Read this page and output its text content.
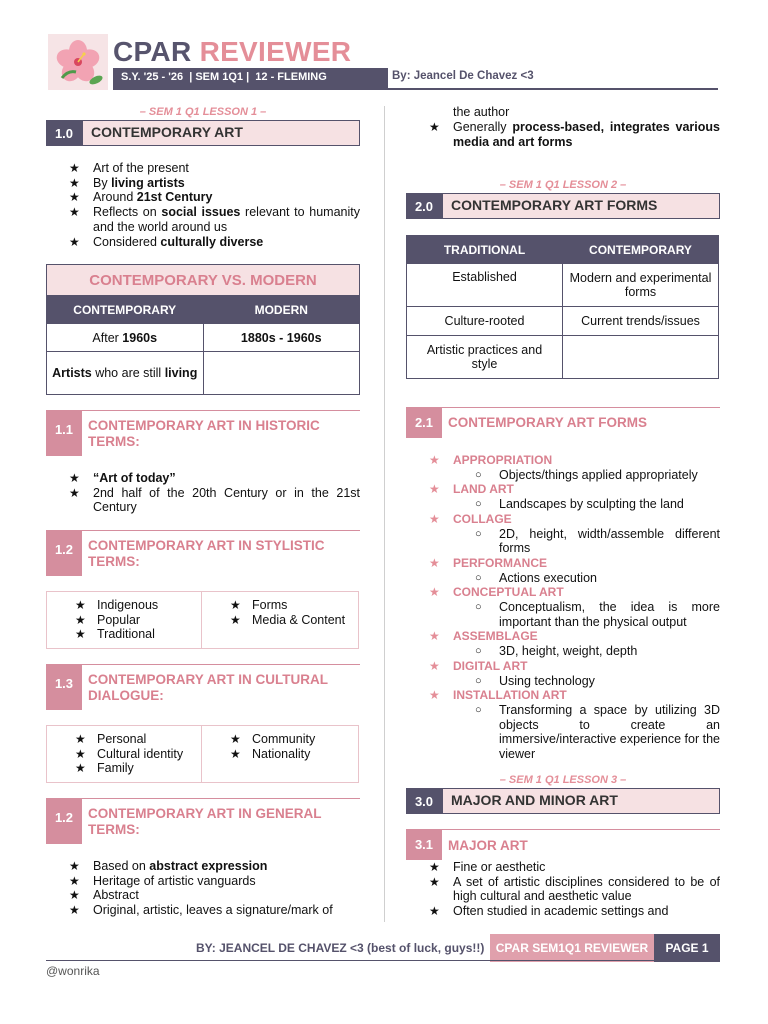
CPAR REVIEWER
S.Y. '25 - '26  | SEM 1Q1 |  12 - FLEMING	By: Jeancel De Chavez <3
– SEM 1 Q1 LESSON 1 –
1.0	CONTEMPORARY ART
★ Art of the present
★ By living artists
★ Around 21st Century
★ Reflects on social issues relevant to humanity and the world around us
★ Considered culturally diverse
CONTEMPORARY VS. MODERN	
CONTEMPORARY	MODERN
After 1960s	1880s - 1960s
Artists who are still living	
1.1	CONTEMPORARY ART IN HISTORIC TERMS:
★ “Art of today”
★ 2nd half of the 20th Century or in the 21st Century
1.2	CONTEMPORARY ART IN STYLISTIC TERMS:
★ Indigenous
★ Popular
★ Traditional

★ Forms
★ Media & Content
1.3	CONTEMPORARY ART IN CULTURAL DIALOGUE:
★ Personal
★ Cultural identity
★ Family

★ Community
★ Nationality
1.2	CONTEMPORARY ART IN GENERAL TERMS:
★ Based on abstract expression
★ Heritage of artistic vanguards
★ Abstract
★ Original, artistic, leaves a signature/mark of
the author
★ Generally process-based, integrates various media and art forms
– SEM 1 Q1 LESSON 2 –
2.0	CONTEMPORARY ART FORMS
TRADITIONAL	CONTEMPORARY
Established	Modern and experimental forms
Culture-rooted	Current trends/issues
Artistic practices and style	
2.1	CONTEMPORARY ART FORMS
★ APPROPRIATION
○ Objects/things applied appropriately
★ LAND ART
○ Landscapes by sculpting the land
★ COLLAGE
○ 2D, height, width/assemble different forms
★ PERFORMANCE
○ Actions execution
★ CONCEPTUAL ART
○ Conceptualism, the idea is more important than the physical output
★ ASSEMBLAGE
○ 3D, height, weight, depth
★ DIGITAL ART
○ Using technology
★ INSTALLATION ART
○ Transforming a space by utilizing 3D objects to create an immersive/interactive experience for the viewer
– SEM 1 Q1 LESSON 3 –
3.0	MAJOR AND MINOR ART
3.1	MAJOR ART
★ Fine or aesthetic
★ A set of artistic disciplines considered to be of high cultural and aesthetic value
★ Often studied in academic settings and
BY: JEANCEL DE CHAVEZ <3 (best of luck, guys!!) CPAR SEM1Q1 REVIEWER	PAGE 1
@wonrika
